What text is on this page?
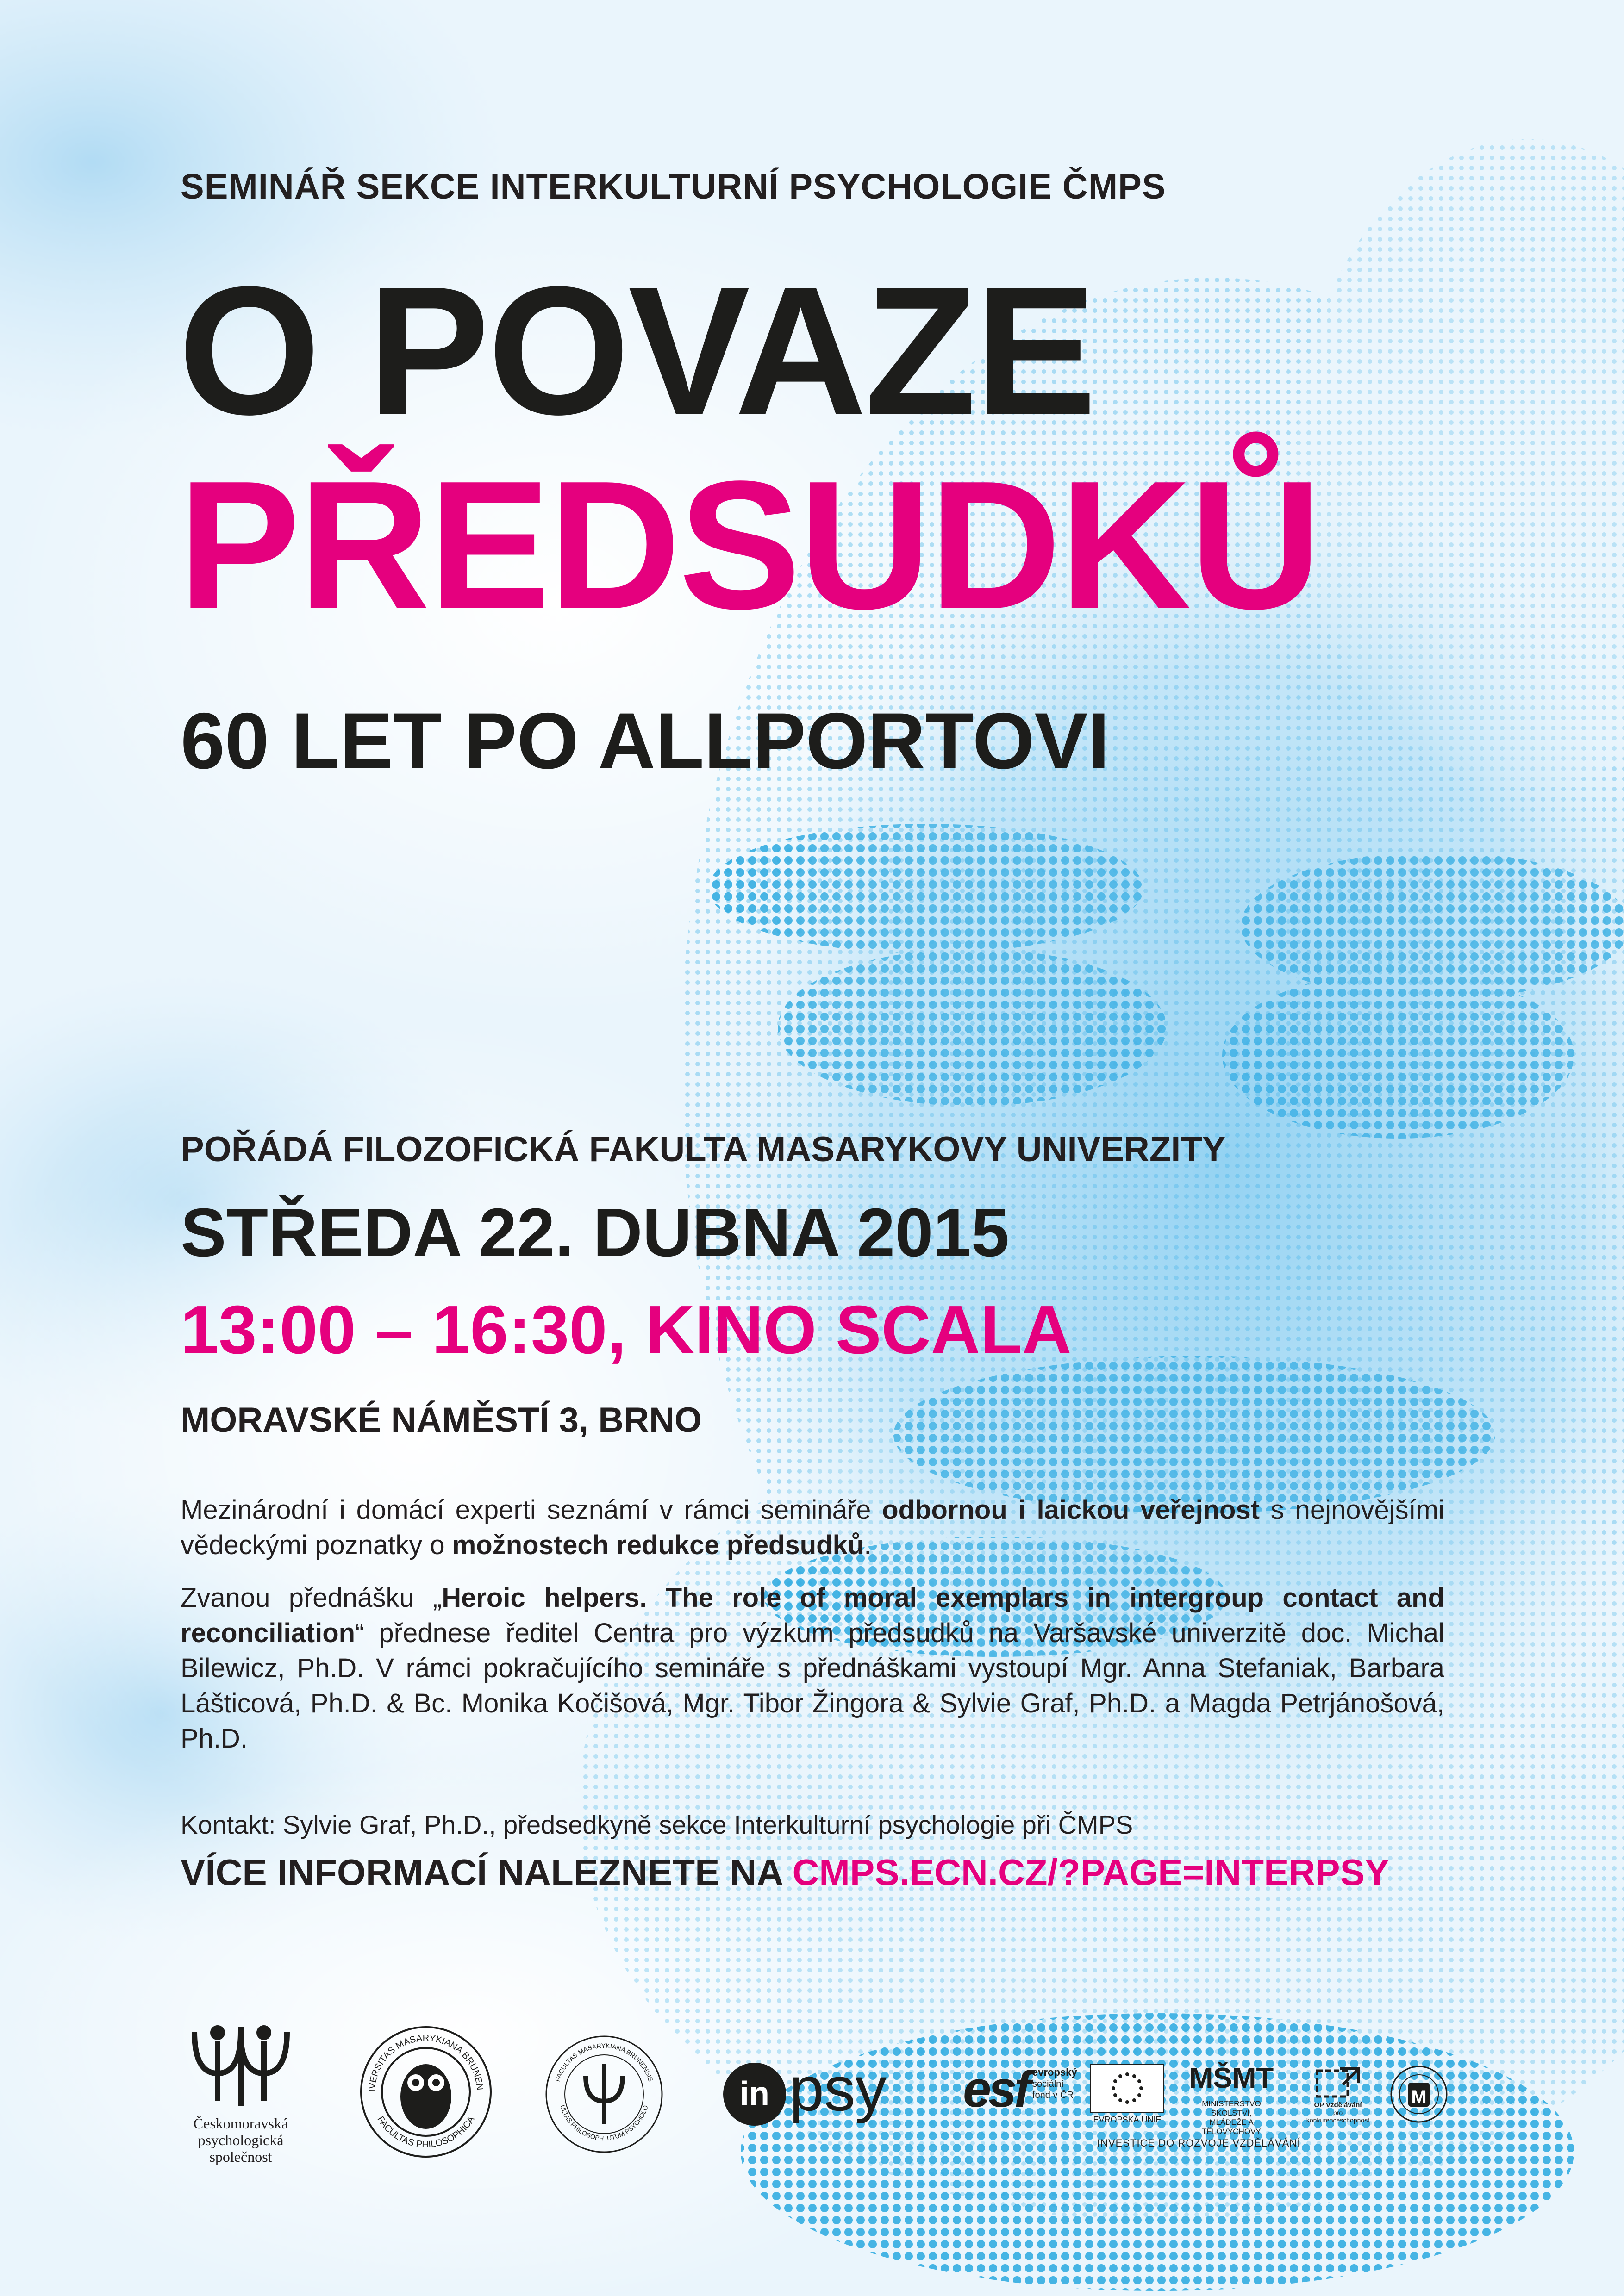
SEMINÁŘ SEKCE INTERKULTURNÍ PSYCHOLOGIE ČMPS
O POVAZE
PŘEDSUDKŮ
60 LET PO ALLPORTOVI
POŘÁDÁ FILOZOFICKÁ FAKULTA MASARYKOVY UNIVERZITY
STŘEDA 22. DUBNA 2015
13:00 – 16:30, KINO SCALA
MORAVSKÉ NÁMĚSTÍ 3, BRNO
Mezinárodní i domácí experti seznámí v rámci semináře odbornou i laickou veřejnost s nejnovějšími vědeckými poznatky o možnostech redukce předsudků.
Zvanou přednášku „Heroic helpers. The role of moral exemplars in intergroup contact and reconciliation“ přednese ředitel Centra pro výzkum předsudků na Varšavské univerzitě doc. Michal Bilewicz, Ph.D. V rámci pokračujícího semináře s přednáškami vystoupí Mgr. Anna Stefaniak, Barbara Lášticová, Ph.D. & Bc. Monika Kočišová, Mgr. Tibor Žingora & Sylvie Graf, Ph.D. a Magda Petrjánošová, Ph.D.
Kontakt: Sylvie Graf, Ph.D., předsedkyně sekce Interkulturní psychologie při ČMPS
VÍCE INFORMACÍ NALEZNETE NA CMPS.ECN.CZ/?PAGE=INTERPSY
Českomoravská
psychologická
společnost
IVERSITAS MASARYKIANA BRUNEN
FACULTAS PHILOSOPHICA
FACULTAS MASARYKIANA BRUNENSIS
ULTAS PHILOSOPH UTUM PSYCHOLO	in psy esf evropský
sociální
fond v ČR
EVROPSKÁ UNIE
MŠMT
MINISTERSTVO ŠKOLSTVÍ,
MLÁDEŽE A TĚLOVÝCHOVY
OP Vzdělávání
pro konkurenceschopnost
M
INVESTICE DO ROZVOJE VZDĚLÁVÁNÍ
